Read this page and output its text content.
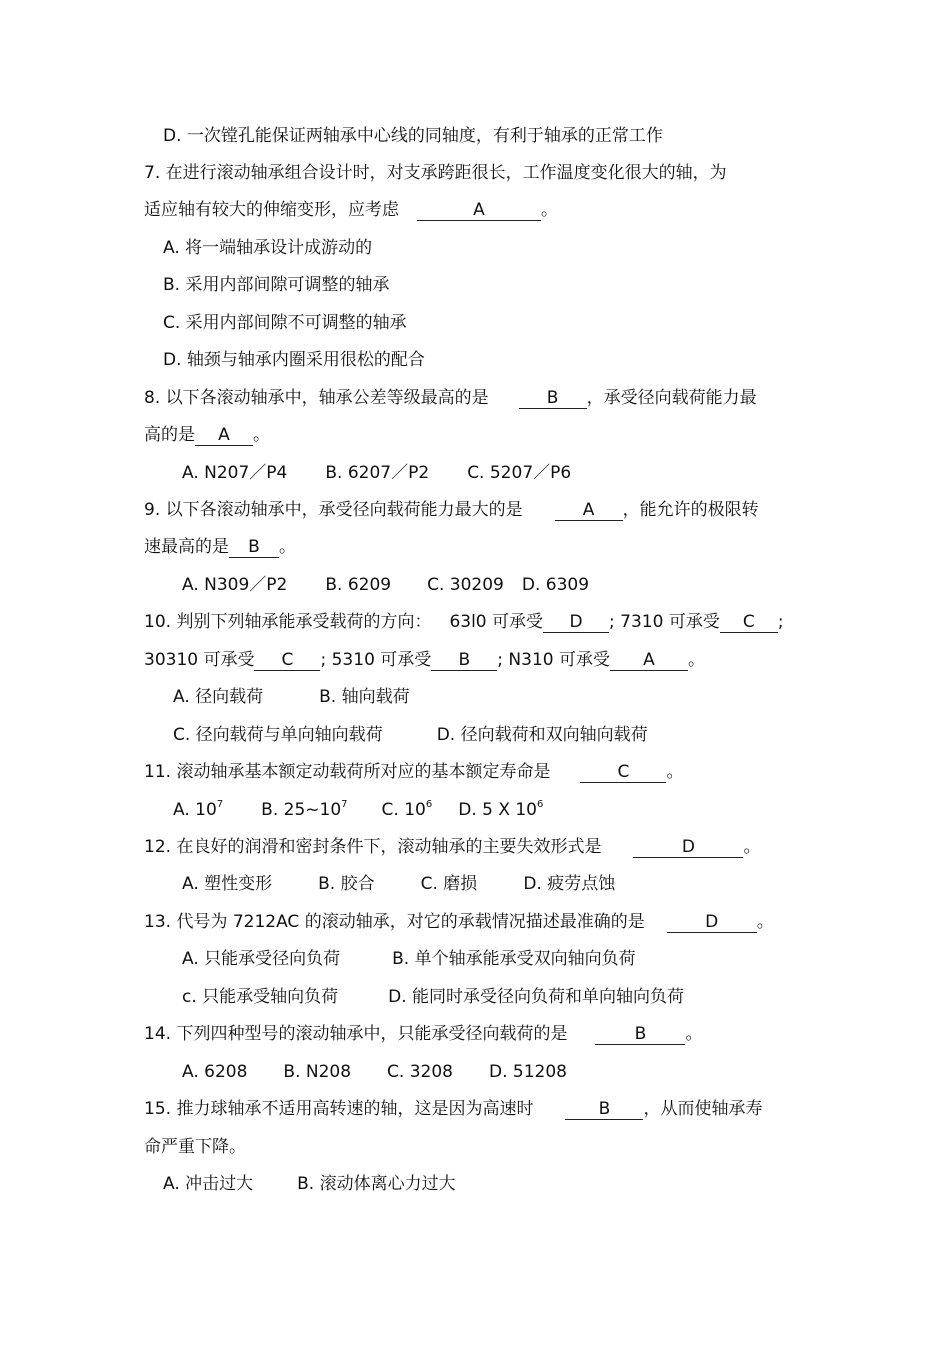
D. 一次镗孔能保证两轴承中心线的同轴度，有利于轴承的正常工作
7. 在进行滚动轴承组合设计时，对支承跨距很长，工作温度变化很大的轴，为
适应轴有较大的伸缩变形，应考虑	A	。
A. 将一端轴承设计成游动的
B. 采用内部间隙可调整的轴承
C. 采用内部间隙不可调整的轴承
D. 轴颈与轴承内圈采用很松的配合
8. 以下各滚动轴承中，轴承公差等级最高的是	B ，承受径向载荷能力最
高的是 A 。
A. N207／P4 B. 6207／P2 C. 5207／P6
9. 以下各滚动轴承中，承受径向载荷能力最大的是	A ，能允许的极限转
速最高的是 B 。
A. N309／P2 B. 6209 C. 30209 D. 6309
10. 判别下列轴承能承受载荷的方向： 63l0 可承受 D ; 7310 可承受 C ;
30310 可承受 C ; 5310 可承受 B ; N310 可承受 A 。
A. 径向载荷	B. 轴向载荷
C. 径向载荷与单向轴向载荷	D. 径向载荷和双向轴向载荷
11. 滚动轴承基本额定动载荷所对应的基本额定寿命是	C 。
A. $10^7$ B. $25\sim 10^7$ C. $10^6$ D. 5 X $10^6$
12. 在良好的润滑和密封条件下，滚动轴承的主要失效形式是	D	。
A. 塑性变形	B. 胶合	C. 磨损	D. 疲劳点蚀
13. 代号为 7212AC 的滚动轴承，对它的承载情况描述最准确的是	D 。
A. 只能承受径向负荷	B. 单个轴承能承受双向轴向负荷
c. 只能承受轴向负荷	D. 能同时承受径向负荷和单向轴向负荷
14. 下列四种型号的滚动轴承中，只能承受径向载荷的是	B 。
A. 6208 B. N208 C. 3208 D. 51208
15. 推力球轴承不适用高转速的轴，这是因为高速时	B ，从而使轴承寿
命严重下降。
A. 冲击过大	B. 滚动体离心力过大
